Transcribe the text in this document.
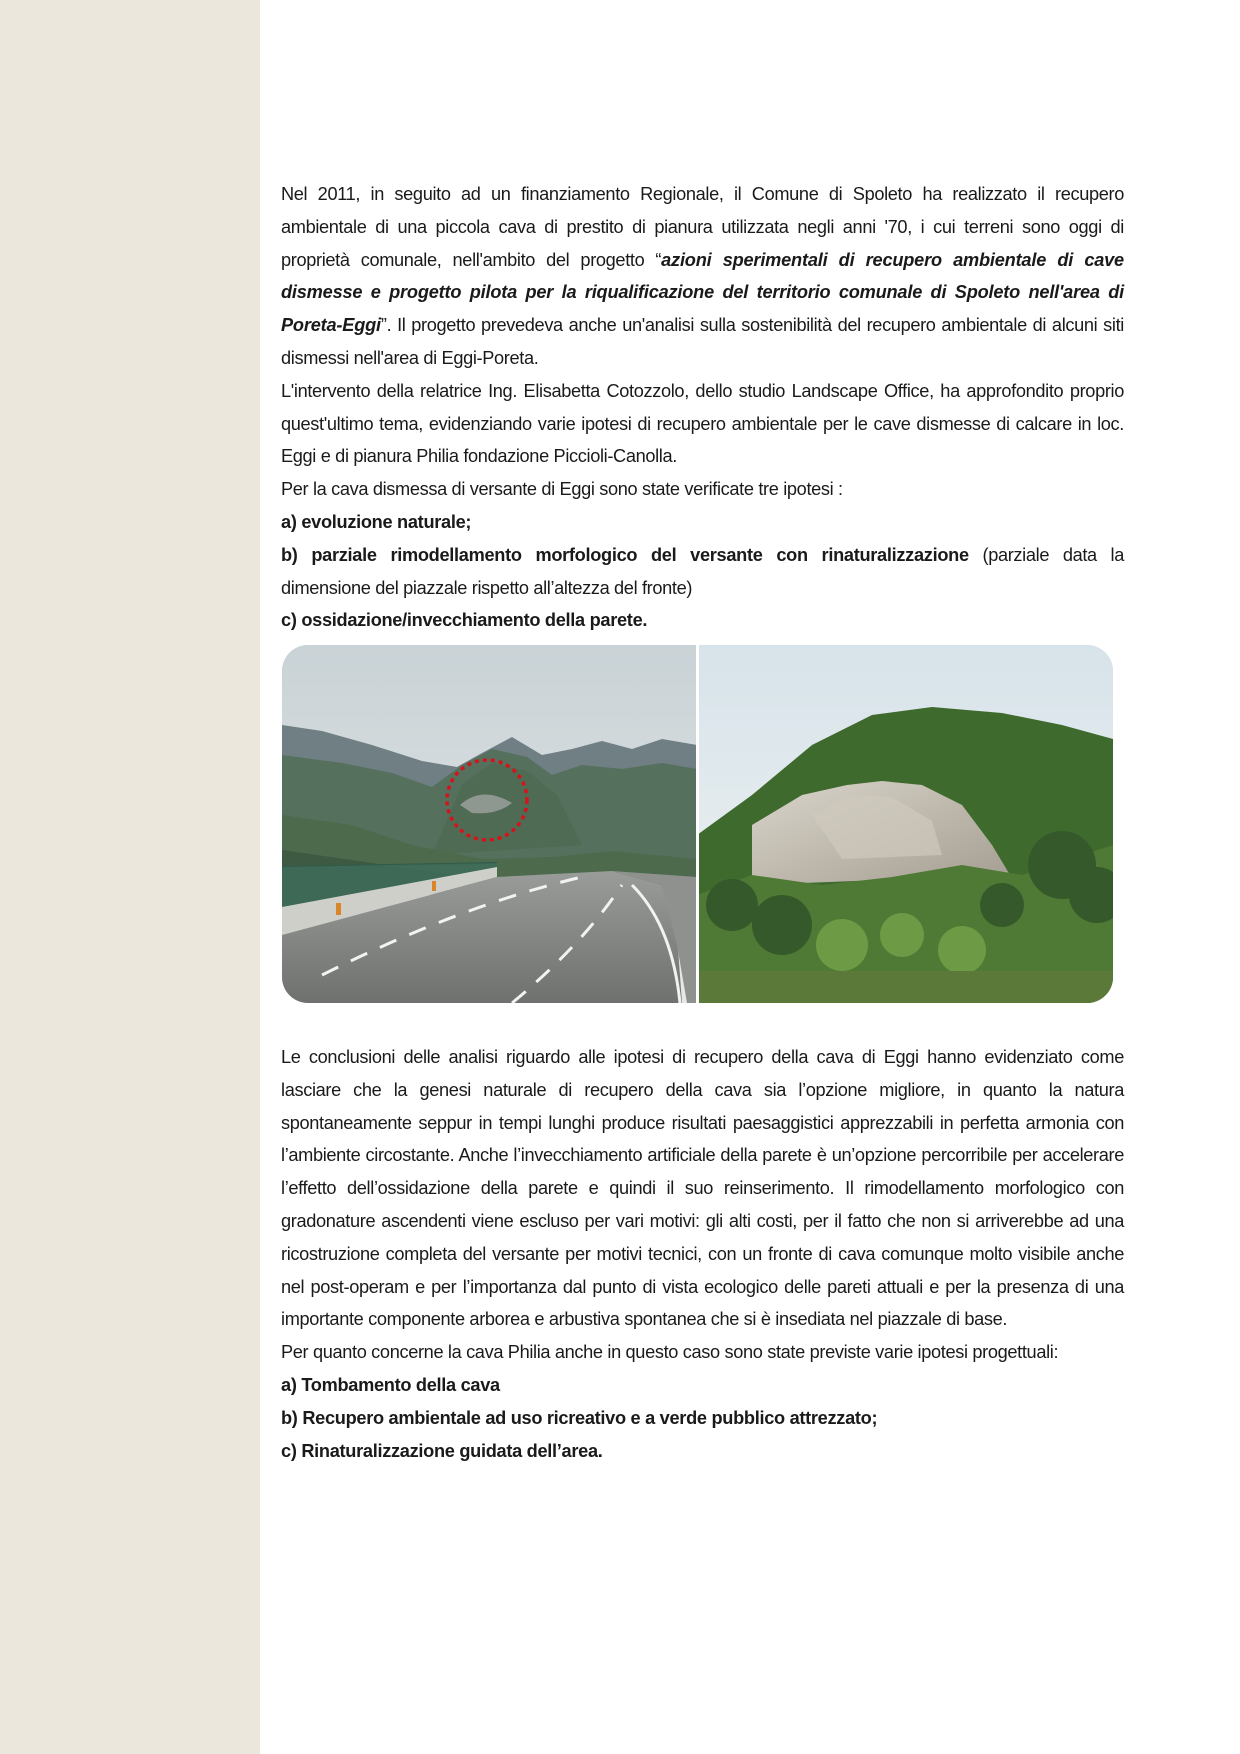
Nel 2011, in seguito ad un finanziamento Regionale, il Comune di Spoleto ha realizzato il recupero ambientale di una piccola cava di prestito di pianura utilizzata negli anni '70, i cui terreni sono oggi di proprietà comunale, nell'ambito del progetto “azioni sperimentali di recupero ambientale di cave dismesse e progetto pilota per la riqualificazione del territorio comunale di Spoleto nell'area di Poreta-Eggi”. Il progetto prevedeva anche un'analisi sulla sostenibilità del recupero ambientale di alcuni siti dismessi nell'area di Eggi-Poreta.

L'intervento della relatrice Ing. Elisabetta Cotozzolo, dello studio Landscape Office, ha approfondito proprio quest'ultimo tema, evidenziando varie ipotesi di recupero ambientale per le cave dismesse di calcare in loc. Eggi e di pianura Philia fondazione Piccioli-Canolla.

Per la cava dismessa di versante di Eggi sono state verificate tre ipotesi :

a) evoluzione naturale;

b) parziale rimodellamento morfologico del versante con rinaturalizzazione (parziale data la dimensione del piazzale rispetto all’altezza del fronte)

c) ossidazione/invecchiamento della parete.

Le conclusioni delle analisi riguardo alle ipotesi di recupero della cava di Eggi hanno evidenziato come lasciare che la genesi naturale di recupero della cava sia l’opzione migliore, in quanto la natura spontaneamente seppur in tempi lunghi produce risultati paesaggistici apprezzabili in perfetta armonia con l’ambiente circostante. Anche l’invecchiamento artificiale della parete è un’opzione percorribile per accelerare l’effetto dell’ossidazione della parete e quindi il suo reinserimento. Il rimodellamento morfologico con gradonature ascendenti viene escluso per vari motivi: gli alti costi, per il fatto che non si arriverebbe ad una ricostruzione completa del versante per motivi tecnici, con un fronte di cava comunque molto visibile anche nel post-operam e per l’importanza dal punto di vista ecologico delle pareti attuali e per la presenza di una importante componente arborea e arbustiva spontanea che si è insediata nel piazzale di base.

Per quanto concerne la cava Philia anche in questo caso sono state previste varie ipotesi progettuali:

a) Tombamento della cava

b) Recupero ambientale ad uso ricreativo e a verde pubblico attrezzato;

c) Rinaturalizzazione guidata dell’area.
